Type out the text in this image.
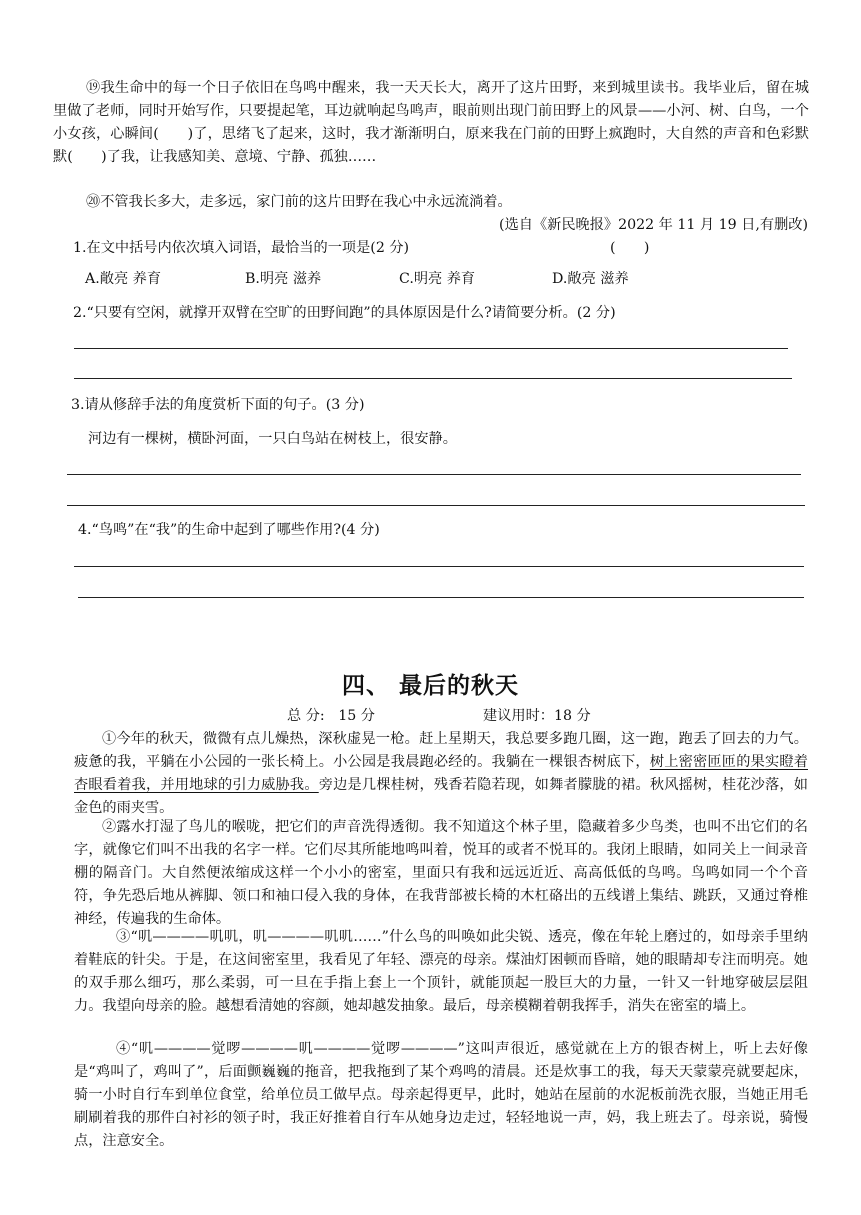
⑲我生命中的每一个日子依旧在鸟鸣中醒来，我一天天长大，离开了这片田野，来到城里读书。我毕业后，留在城里做了老师，同时开始写作，只要提起笔，耳边就响起鸟鸣声，眼前则出现门前田野上的风景——小河、树、白鸟，一个小女孩，心瞬间(　　)了，思绪飞了起来，这时，我才渐渐明白，原来我在门前的田野上疯跑时，大自然的声音和色彩默默(　　)了我，让我感知美、意境、宁静、孤独……
⑳不管我长多大，走多远，家门前的这片田野在我心中永远流淌着。
(选自《新民晚报》2022 年 11 月 19 日,有删改)
1.在文中括号内依次填入词语，最恰当的一项是(2 分)	(　　)
A.敞亮 养育	B.明亮 滋养	C.明亮 养育	D.敞亮 滋养
2.“只要有空闲，就撑开双臂在空旷的田野间跑”的具体原因是什么?请简要分析。(2 分)
3.请从修辞手法的角度赏析下面的句子。(3 分)
河边有一棵树，横卧河面，一只白鸟站在树枝上，很安静。
4.“鸟鸣”在“我”的生命中起到了哪些作用?(4 分)
四、 最后的秋天
总 分: 15 分	建议用时：18 分
①今年的秋天，微微有点儿燥热，深秋虚晃一枪。赶上星期天，我总要多跑几圈，这一跑，跑丢了回去的力气。疲惫的我，平躺在小公园的一张长椅上。小公园是我晨跑必经的。我躺在一棵银杏树底下，树上密密匝匝的果实瞪着杏眼看着我，并用地球的引力威胁我。旁边是几棵桂树，残香若隐若现，如舞者朦胧的裙。秋风摇树，桂花沙落，如金色的雨夹雪。
②露水打湿了鸟儿的喉咙，把它们的声音洗得透彻。我不知道这个林子里，隐藏着多少鸟类，也叫不出它们的名字，就像它们叫不出我的名字一样。它们尽其所能地鸣叫着，悦耳的或者不悦耳的。我闭上眼睛，如同关上一间录音棚的隔音门。大自然便浓缩成这样一个小小的密室，里面只有我和远远近近、高高低低的鸟鸣。鸟鸣如同一个个音符，争先恐后地从裤脚、领口和袖口侵入我的身体，在我背部被长椅的木杠硌出的五线谱上集结、跳跃，又通过脊椎神经，传遍我的生命体。
③“叽————叽叽，叽————叽叽……”什么鸟的叫唤如此尖锐、透亮，像在年轮上磨过的，如母亲手里纳着鞋底的针尖。于是，在这间密室里，我看见了年轻、漂亮的母亲。煤油灯困顿而昏暗，她的眼睛却专注而明亮。她的双手那么细巧，那么柔弱，可一旦在手指上套上一个顶针，就能顶起一股巨大的力量，一针又一针地穿破层层阻力。我望向母亲的脸。越想看清她的容颜，她却越发抽象。最后，母亲模糊着朝我挥手，消失在密室的墙上。
④“叽————觉啰————叽————觉啰————”这叫声很近，感觉就在上方的银杏树上，听上去好像是“鸡叫了，鸡叫了”，后面颤巍巍的拖音，把我拖到了某个鸡鸣的清晨。还是炊事工的我，每天天蒙蒙亮就要起床，骑一小时自行车到单位食堂，给单位员工做早点。母亲起得更早，此时，她站在屋前的水泥板前洗衣服，当她正用毛刷刷着我的那件白衬衫的领子时，我正好推着自行车从她身边走过，轻轻地说一声，妈，我上班去了。母亲说，骑慢点，注意安全。
